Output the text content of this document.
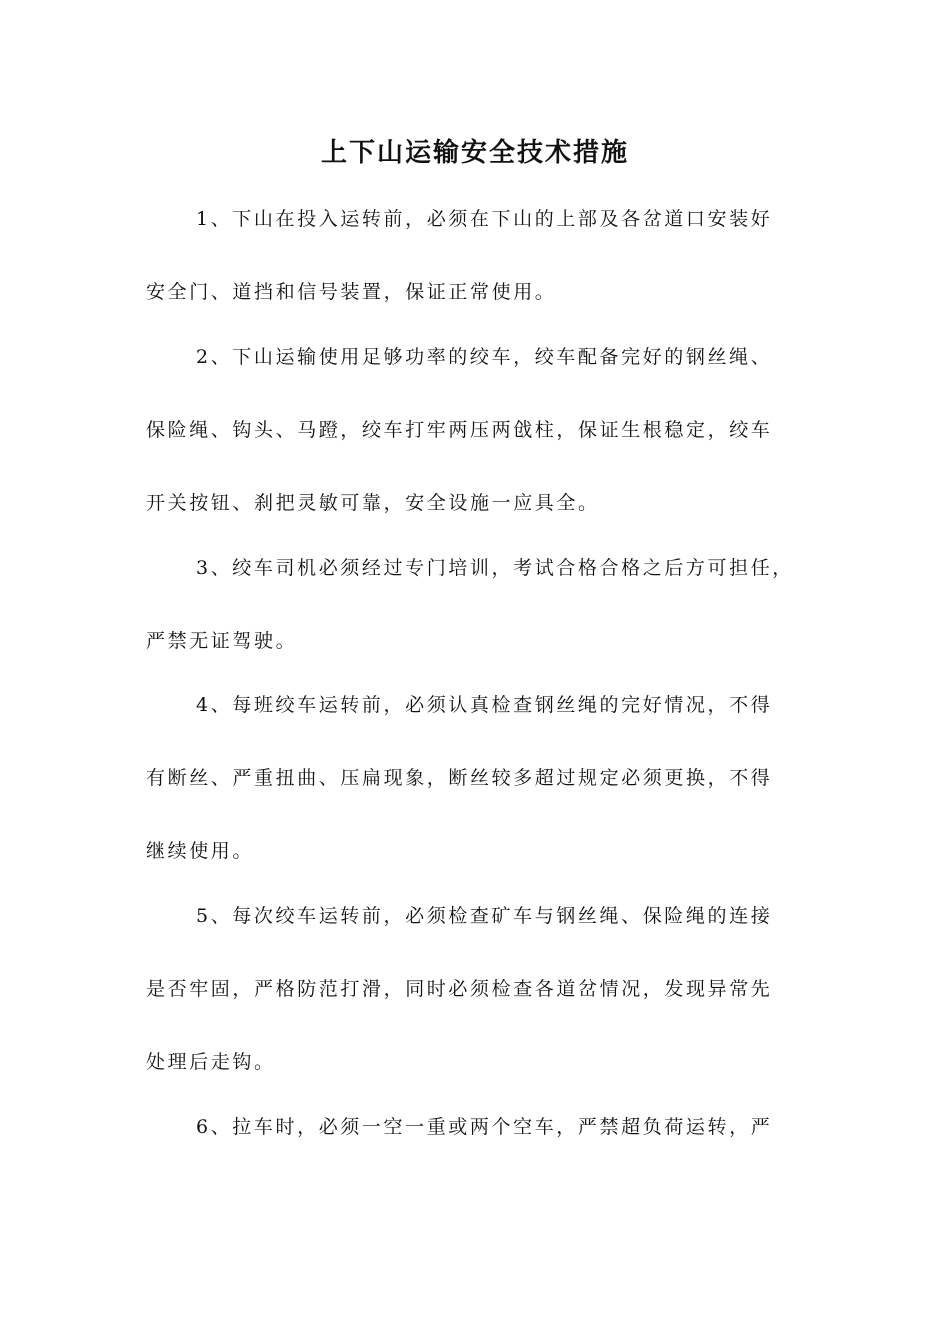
上下山运输安全技术措施
1、下山在投入运转前，必须在下山的上部及各岔道口安装好
安全门、道挡和信号装置，保证正常使用。
2、下山运输使用足够功率的绞车，绞车配备完好的钢丝绳、
保险绳、钩头、马蹬，绞车打牢两压两戗柱，保证生根稳定，绞车
开关按钮、刹把灵敏可靠，安全设施一应具全。
3、绞车司机必须经过专门培训，考试合格合格之后方可担任，
严禁无证驾驶。
4、每班绞车运转前，必须认真检查钢丝绳的完好情况，不得
有断丝、严重扭曲、压扁现象，断丝较多超过规定必须更换，不得
继续使用。
5、每次绞车运转前，必须检查矿车与钢丝绳、保险绳的连接
是否牢固，严格防范打滑，同时必须检查各道岔情况，发现异常先
处理后走钩。
6、拉车时，必须一空一重或两个空车，严禁超负荷运转，严
